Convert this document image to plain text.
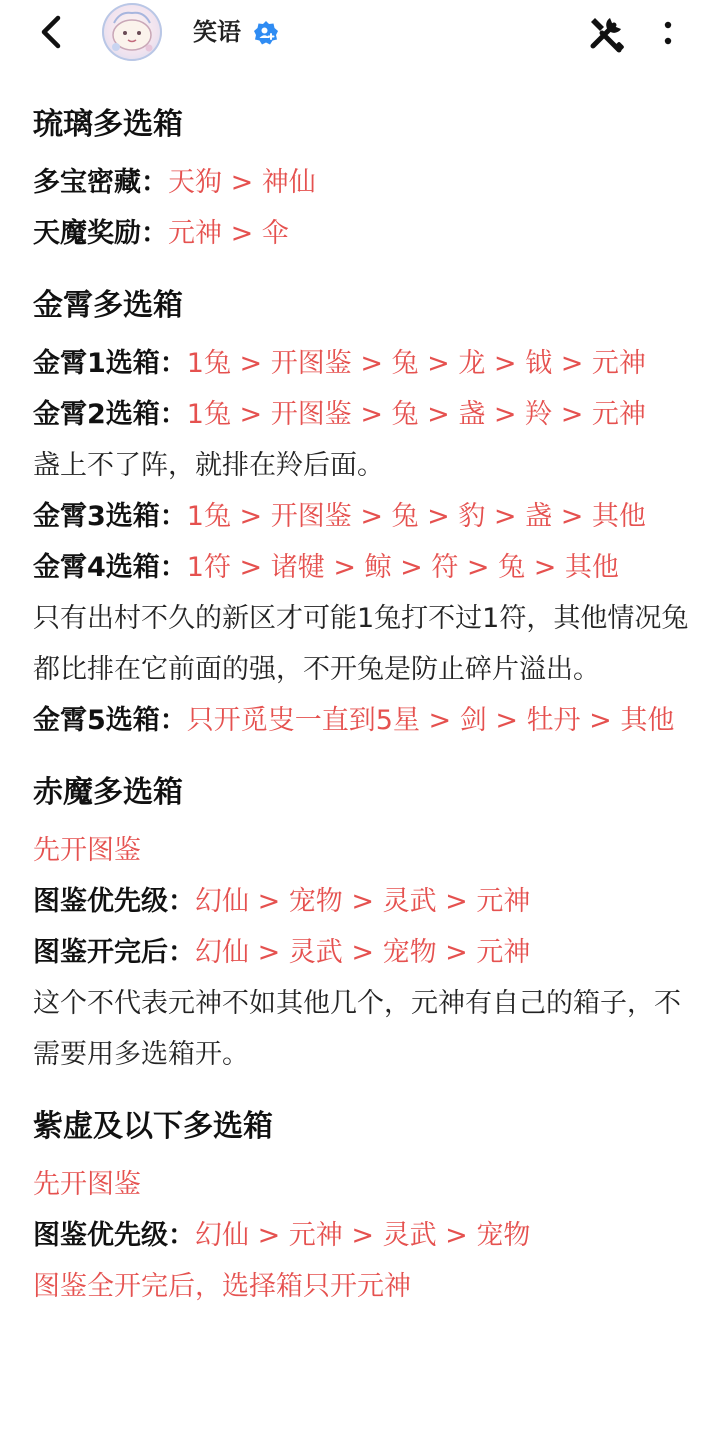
笑语
琉璃多选箱
多宝密藏：天狗 > 神仙
天魔奖励：元神 > 伞
金霄多选箱
金霄1选箱：1兔 > 开图鉴 > 兔 > 龙 > 钺 > 元神
金霄2选箱：1兔 > 开图鉴 > 兔 > 盏 > 羚 > 元神
盏上不了阵，就排在羚后面。
金霄3选箱：1兔 > 开图鉴 > 兔 > 豹 > 盏 > 其他
金霄4选箱：1符 > 诸犍 > 鲸 > 符 > 兔 > 其他
只有出村不久的新区才可能1兔打不过1符，其他情况兔都比排在它前面的强，不开兔是防止碎片溢出。
金霄5选箱：只开觅㕜一直到5星 > 剑 > 牡丹 > 其他
赤魔多选箱
先开图鉴
图鉴优先级：幻仙 > 宠物 > 灵武 > 元神
图鉴开完后：幻仙 > 灵武 > 宠物 > 元神
这个不代表元神不如其他几个，元神有自己的箱子，不需要用多选箱开。
紫虚及以下多选箱
先开图鉴
图鉴优先级：幻仙 > 元神 > 灵武 > 宠物
图鉴全开完后，选择箱只开元神
